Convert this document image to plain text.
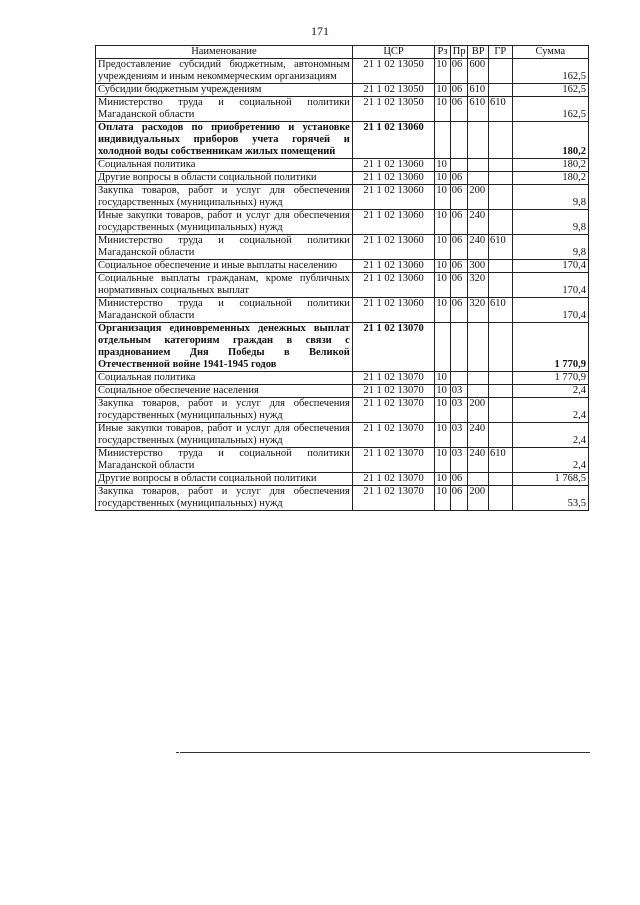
171
Наименование	ЦСР	Рз	Пр	ВР	ГР	Сумма
Предоставление субсидий бюджетным, автономным учреждениям и иным некоммерческим организациям	21 1 02 13050	10	06	600		162,5
Субсидии бюджетным учреждениям	21 1 02 13050	10	06	610		162,5
Министерство труда и социальной политики Магаданской области	21 1 02 13050	10	06	610	610	162,5
Оплата расходов по приобретению и установке индивидуальных приборов учета горячей и холодной воды собственникам жилых помещений	21 1 02 13060					180,2
Социальная политика	21 1 02 13060	10				180,2
Другие вопросы в области социальной политики	21 1 02 13060	10	06			180,2
Закупка товаров, работ и услуг для обеспечения государственных (муниципальных) нужд	21 1 02 13060	10	06	200		9,8
Иные закупки товаров, работ и услуг для обеспечения государственных (муниципальных) нужд	21 1 02 13060	10	06	240		9,8
Министерство труда и социальной политики Магаданской области	21 1 02 13060	10	06	240	610	9,8
Социальное обеспечение и иные выплаты населению	21 1 02 13060	10	06	300		170,4
Социальные выплаты гражданам, кроме публичных нормативных социальных выплат	21 1 02 13060	10	06	320		170,4
Министерство труда и социальной политики Магаданской области	21 1 02 13060	10	06	320	610	170,4
Организация единовременных денежных выплат отдельным категориям граждан в связи с празднованием Дня Победы в Великой Отечественной войне 1941-1945 годов	21 1 02 13070					1 770,9
Социальная политика	21 1 02 13070	10				1 770,9
Социальное обеспечение населения	21 1 02 13070	10	03			2,4
Закупка товаров, работ и услуг для обеспечения государственных (муниципальных) нужд	21 1 02 13070	10	03	200		2,4
Иные закупки товаров, работ и услуг для обеспечения государственных (муниципальных) нужд	21 1 02 13070	10	03	240		2,4
Министерство труда и социальной политики Магаданской области	21 1 02 13070	10	03	240	610	2,4
Другие вопросы в области социальной политики	21 1 02 13070	10	06			1 768,5
Закупка товаров, работ и услуг для обеспечения государственных (муниципальных) нужд	21 1 02 13070	10	06	200		53,5
